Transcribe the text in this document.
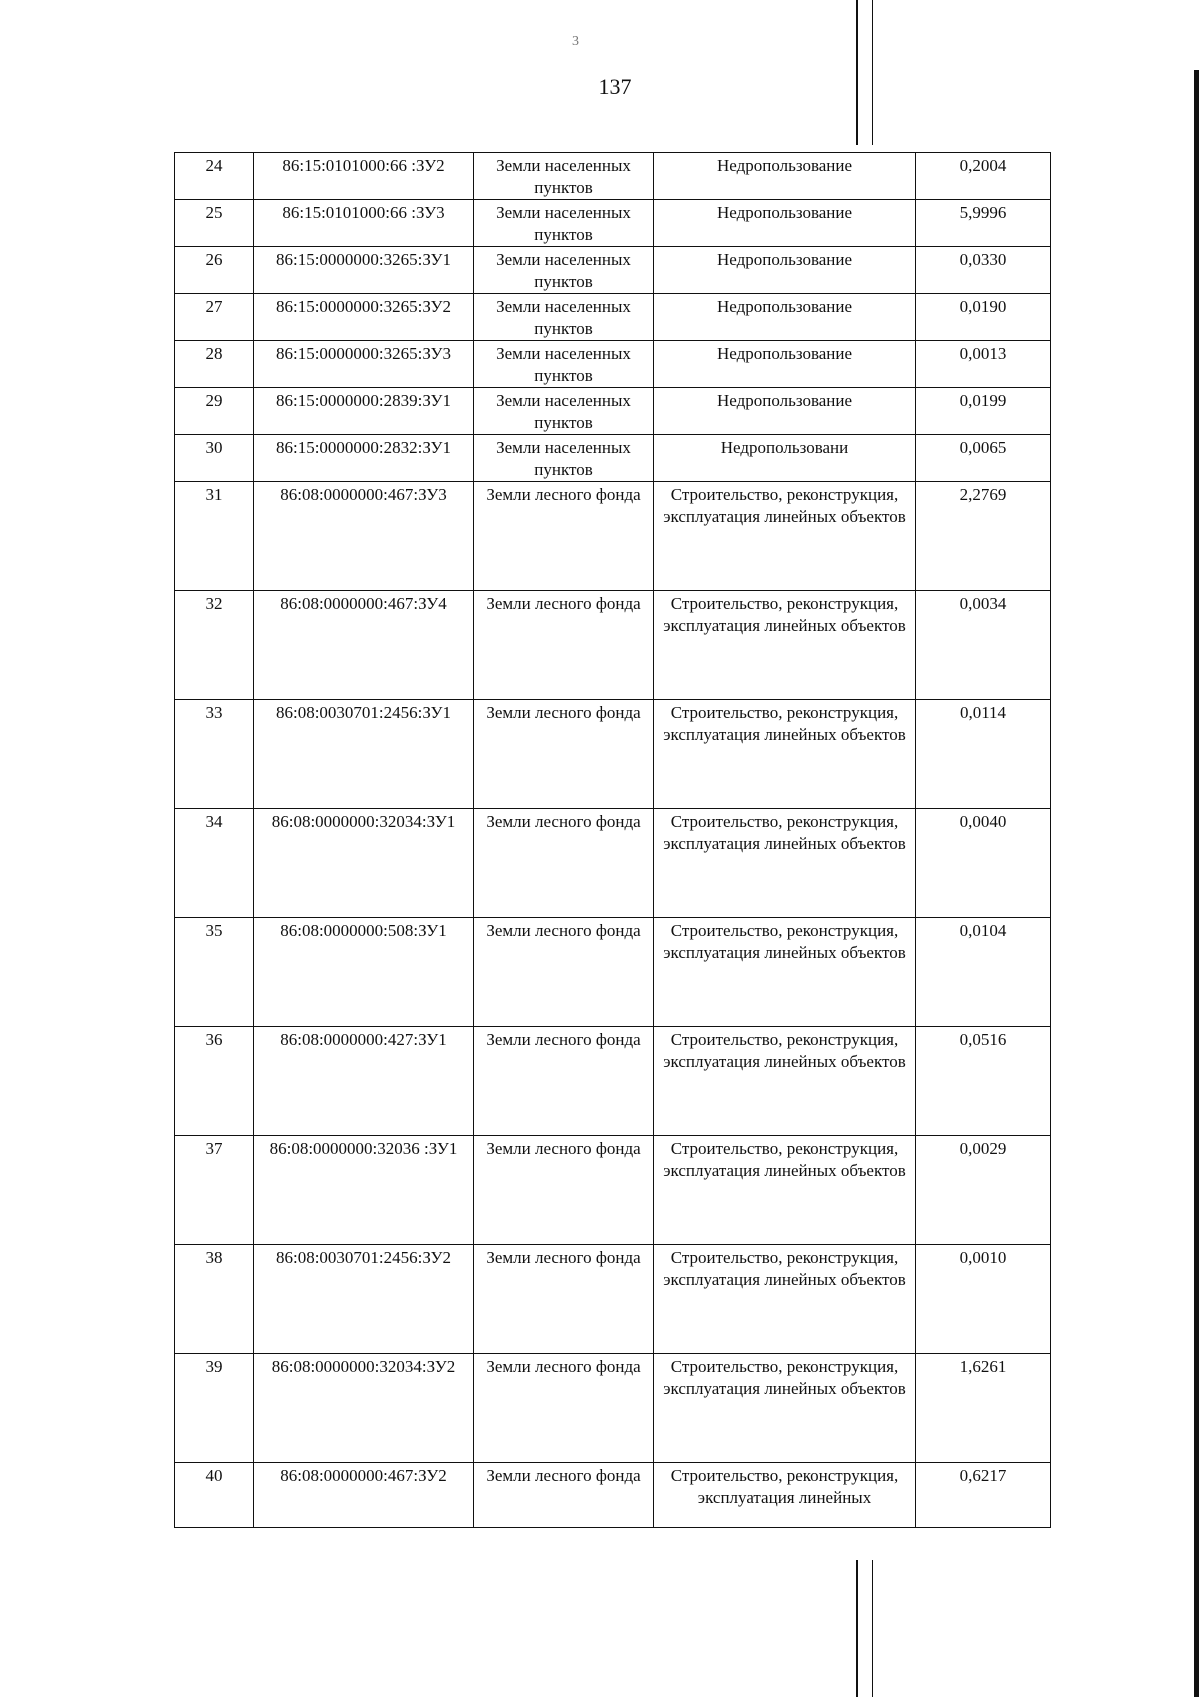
3
137
24	86:15:0101000:66 :ЗУ2	Земли населенных пунктов	Недропользование	0,2004
25	86:15:0101000:66 :ЗУ3	Земли населенных пунктов	Недропользование	5,9996
26	86:15:0000000:3265:ЗУ1	Земли населенных пунктов	Недропользование	0,0330
27	86:15:0000000:3265:ЗУ2	Земли населенных пунктов	Недропользование	0,0190
28	86:15:0000000:3265:ЗУ3	Земли населенных пунктов	Недропользование	0,0013
29	86:15:0000000:2839:ЗУ1	Земли населенных пунктов	Недропользование	0,0199
30	86:15:0000000:2832:ЗУ1	Земли населенных пунктов	Недропользовани	0,0065
31	86:08:0000000:467:ЗУ3	Земли лесного фонда	Строительство, реконструкция, эксплуатация линейных объектов	2,2769
32	86:08:0000000:467:ЗУ4	Земли лесного фонда	Строительство, реконструкция, эксплуатация линейных объектов	0,0034
33	86:08:0030701:2456:ЗУ1	Земли лесного фонда	Строительство, реконструкция, эксплуатация линейных объектов	0,0114
34	86:08:0000000:32034:ЗУ1	Земли лесного фонда	Строительство, реконструкция, эксплуатация линейных объектов	0,0040
35	86:08:0000000:508:ЗУ1	Земли лесного фонда	Строительство, реконструкция, эксплуатация линейных объектов	0,0104
36	86:08:0000000:427:ЗУ1	Земли лесного фонда	Строительство, реконструкция, эксплуатация линейных объектов	0,0516
37	86:08:0000000:32036 :ЗУ1	Земли лесного фонда	Строительство, реконструкция, эксплуатация линейных объектов	0,0029
38	86:08:0030701:2456:ЗУ2	Земли лесного фонда	Строительство, реконструкция, эксплуатация линейных объектов	0,0010
39	86:08:0000000:32034:ЗУ2	Земли лесного фонда	Строительство, реконструкция, эксплуатация линейных объектов	1,6261
40	86:08:0000000:467:ЗУ2	Земли лесного фонда	Строительство, реконструкция, эксплуатация линейных	0,6217
